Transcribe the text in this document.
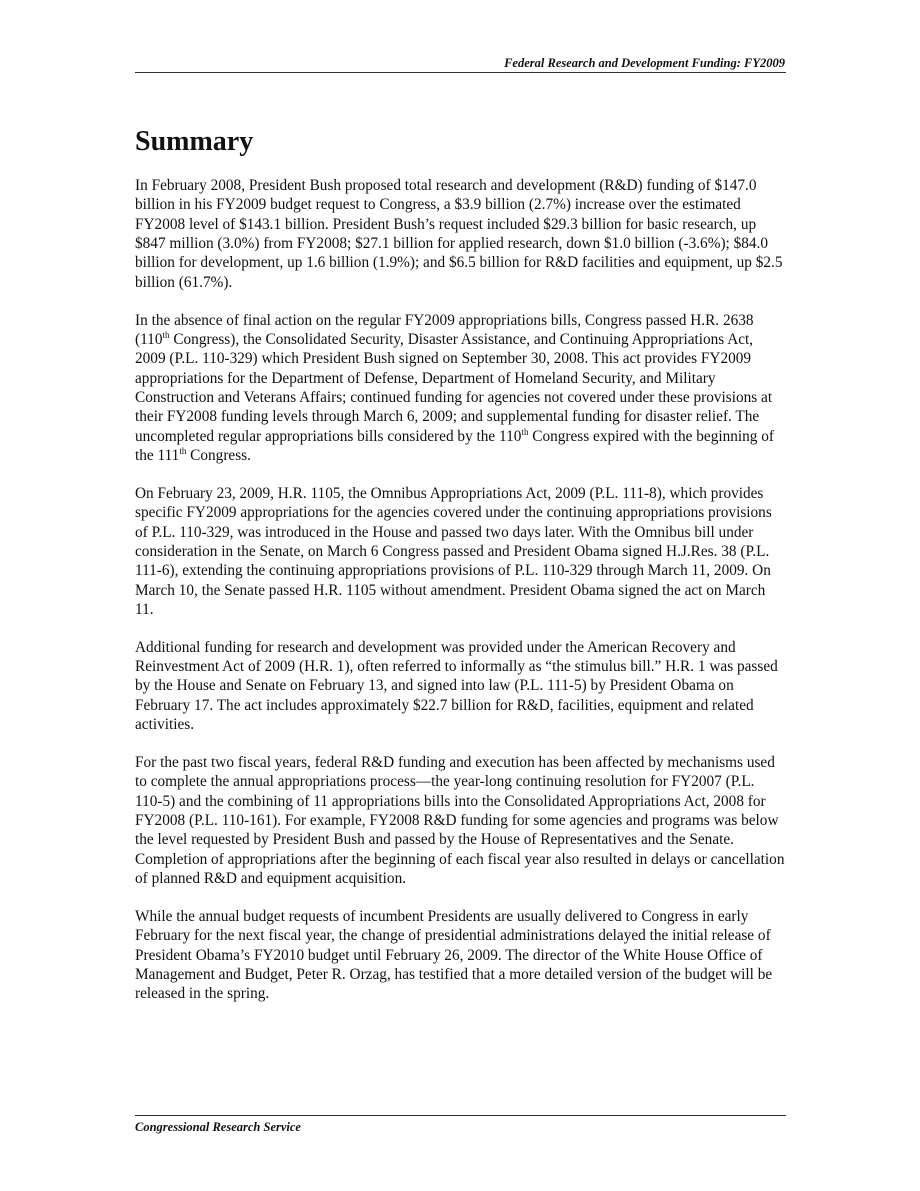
Federal Research and Development Funding: FY2009
Summary

In February 2008, President Bush proposed total research and development (R&D) funding of $147.0 billion in his FY2009 budget request to Congress, a $3.9 billion (2.7%) increase over the estimated FY2008 level of $143.1 billion. President Bush’s request included $29.3 billion for basic research, up $847 million (3.0%) from FY2008; $27.1 billion for applied research, down $1.0 billion (-3.6%); $84.0 billion for development, up 1.6 billion (1.9%); and $6.5 billion for R&D facilities and equipment, up $2.5 billion (61.7%).

In the absence of final action on the regular FY2009 appropriations bills, Congress passed H.R. 2638 (110th Congress), the Consolidated Security, Disaster Assistance, and Continuing Appropriations Act, 2009 (P.L. 110-329) which President Bush signed on September 30, 2008. This act provides FY2009 appropriations for the Department of Defense, Department of Homeland Security, and Military Construction and Veterans Affairs; continued funding for agencies not covered under these provisions at their FY2008 funding levels through March 6, 2009; and supplemental funding for disaster relief. The uncompleted regular appropriations bills considered by the 110th Congress expired with the beginning of the 111th Congress.

On February 23, 2009, H.R. 1105, the Omnibus Appropriations Act, 2009 (P.L. 111-8), which provides specific FY2009 appropriations for the agencies covered under the continuing appropriations provisions of P.L. 110-329, was introduced in the House and passed two days later. With the Omnibus bill under consideration in the Senate, on March 6 Congress passed and President Obama signed H.J.Res. 38 (P.L. 111-6), extending the continuing appropriations provisions of P.L. 110-329 through March 11, 2009. On March 10, the Senate passed H.R. 1105 without amendment. President Obama signed the act on March 11.

Additional funding for research and development was provided under the American Recovery and Reinvestment Act of 2009 (H.R. 1), often referred to informally as “the stimulus bill.” H.R. 1 was passed by the House and Senate on February 13, and signed into law (P.L. 111-5) by President Obama on February 17. The act includes approximately $22.7 billion for R&D, facilities, equipment and related activities.

For the past two fiscal years, federal R&D funding and execution has been affected by mechanisms used to complete the annual appropriations process—the year-long continuing resolution for FY2007 (P.L. 110-5) and the combining of 11 appropriations bills into the Consolidated Appropriations Act, 2008 for FY2008 (P.L. 110-161). For example, FY2008 R&D funding for some agencies and programs was below the level requested by President Bush and passed by the House of Representatives and the Senate. Completion of appropriations after the beginning of each fiscal year also resulted in delays or cancellation of planned R&D and equipment acquisition.

While the annual budget requests of incumbent Presidents are usually delivered to Congress in early February for the next fiscal year, the change of presidential administrations delayed the initial release of President Obama’s FY2010 budget until February 26, 2009. The director of the White House Office of Management and Budget, Peter R. Orzag, has testified that a more detailed version of the budget will be released in the spring.

Congressional Research Service
